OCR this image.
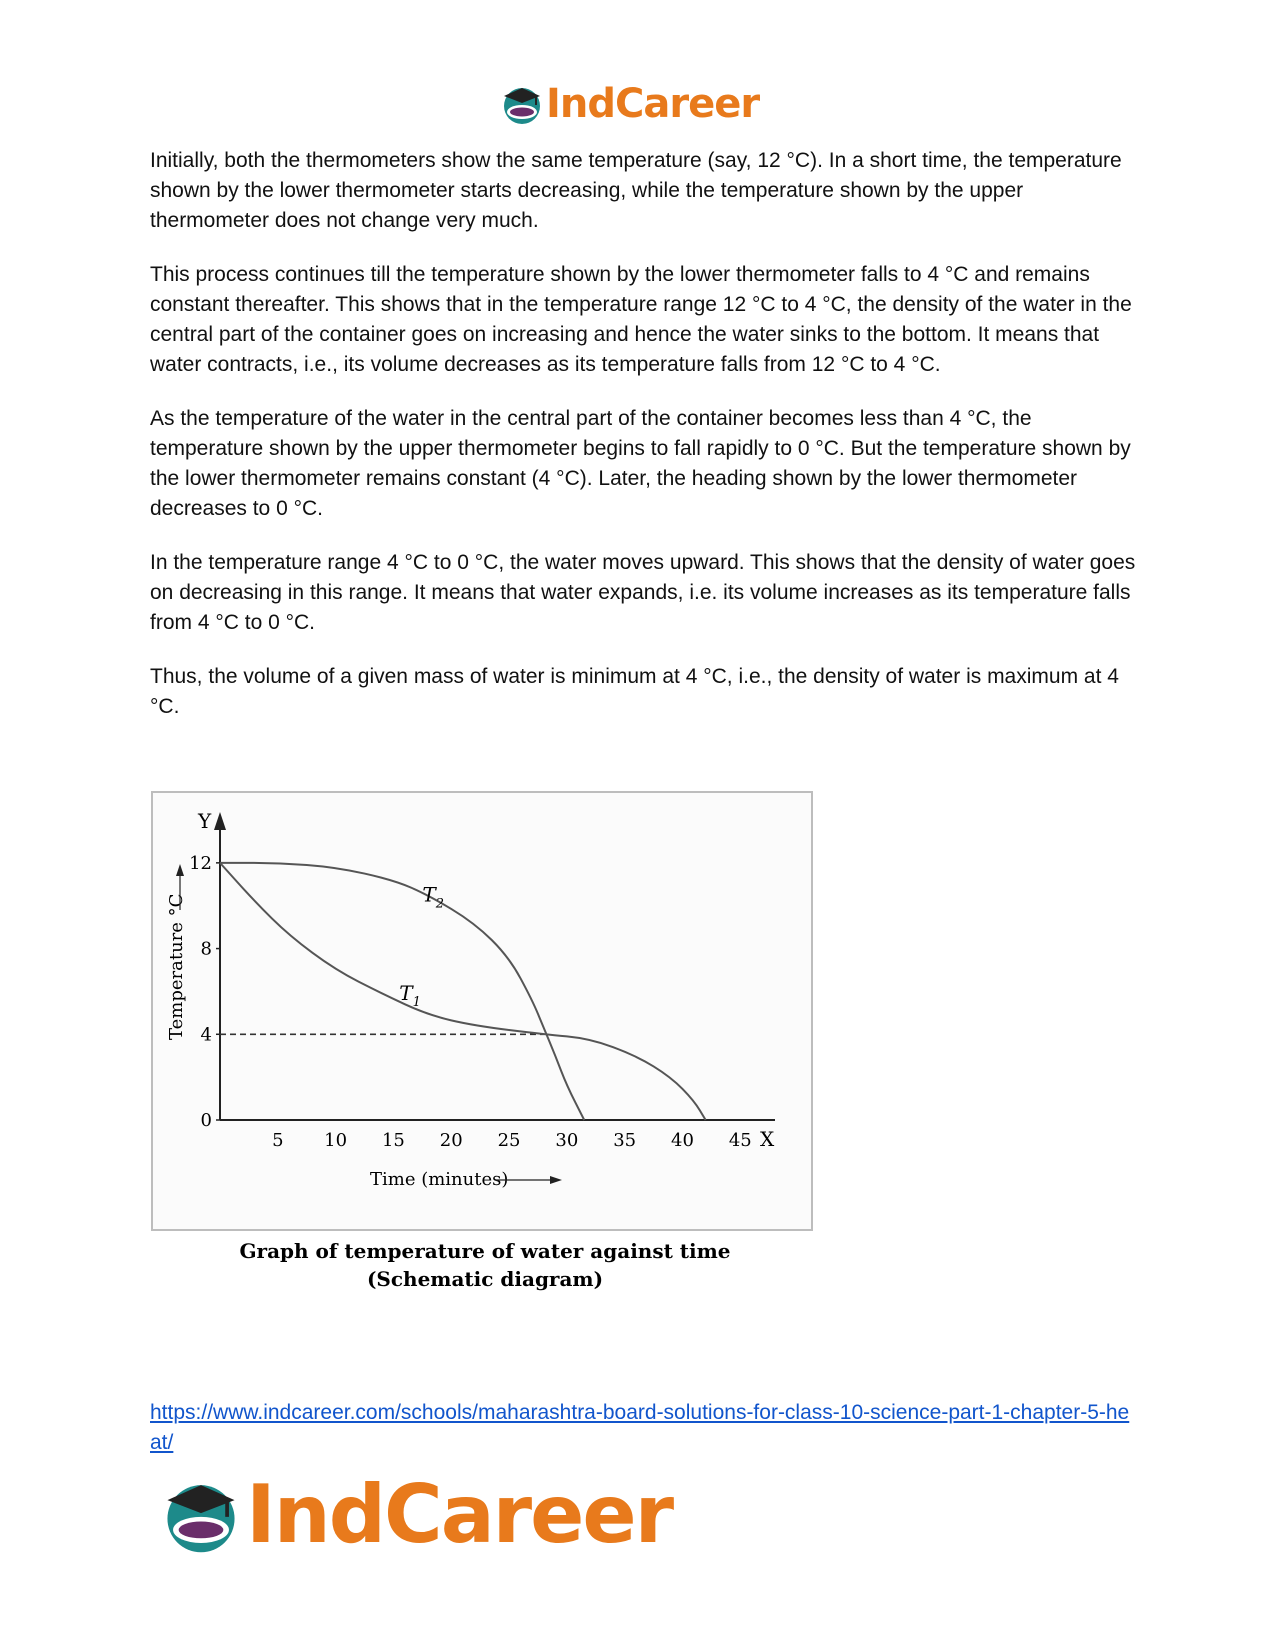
IndCareer

Initially, both the thermometers show the same temperature (say, 12 °C). In a short time, the temperature shown by the lower thermometer starts decreasing, while the temperature shown by the upper thermometer does not change very much.

This process continues till the temperature shown by the lower thermometer falls to 4 °C and remains constant thereafter. This shows that in the temperature range 12 °C to 4 °C, the density of the water in the central part of the container goes on increasing and hence the water sinks to the bottom. It means that water contracts, i.e., its volume decreases as its temperature falls from 12 °C to 4 °C.

As the temperature of the water in the central part of the container becomes less than 4 °C, the temperature shown by the upper thermometer begins to fall rapidly to 0 °C. But the temperature shown by the lower thermometer remains constant (4 °C). Later, the heading shown by the lower thermometer decreases to 0 °C.

In the temperature range 4 °C to 0 °C, the water moves upward. This shows that the density of water goes on decreasing in this range. It means that water expands, i.e. its volume increases as its temperature falls from 4 °C to 0 °C.

Thus, the volume of a given mass of water is minimum at 4 °C, i.e., the density of water is maximum at 4 °C.

Y
X
Temperature °C
Time (minutes)
5 10 15 20 25 30 35 40 45
0
4
8
12
$T_2$
$T_1$
Graph of temperature of water against time
(Schematic diagram)
https://www.indcareer.com/schools/maharashtra-board-solutions-for-class-10-science-part-1-chapter-5-heat/
IndCareer
